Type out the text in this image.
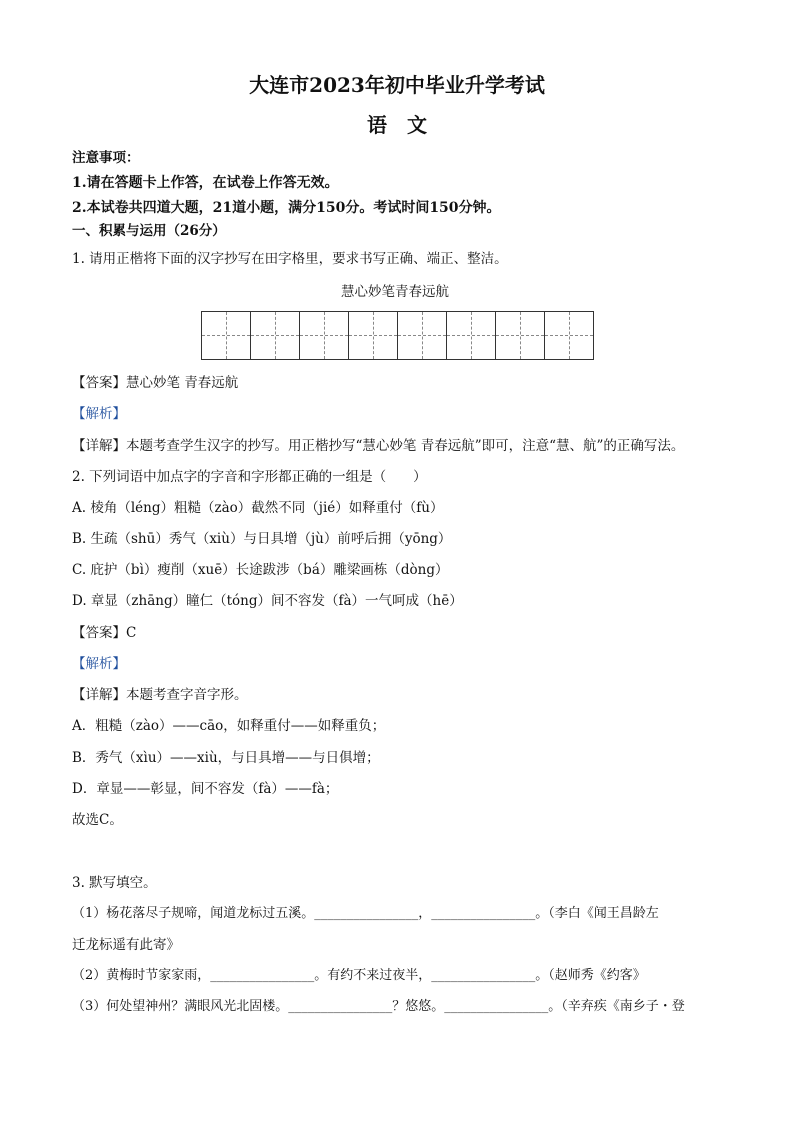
大连市2023年初中毕业升学考试
语　文
注意事项：
1.请在答题卡上作答，在试卷上作答无效。
2.本试卷共四道大题，21道小题，满分150分。考试时间150分钟。
一、积累与运用（26分）
1. 请用正楷将下面的汉字抄写在田字格里，要求书写正确、端正、整洁。
慧心妙笔青春远航
【答案】慧心妙笔 青春远航
【解析】
【详解】本题考查学生汉字的抄写。用正楷抄写“慧心妙笔 青春远航”即可，注意“慧、航”的正确写法。
2. 下列词语中加点字的字音和字形都正确的一组是（　　）
A. 棱角（léng）粗糙（zào）截然不同（jié）如释重付（fù）
B. 生疏（shū）秀气（xiù）与日具增（jù）前呼后拥（yōng）
C. 庇护（bì）瘦削（xuē）长途跋涉（bá）雕梁画栋（dòng）
D. 章显（zhāng）瞳仁（tóng）间不容发（fà）一气呵成（hē）
【答案】C
【解析】
【详解】本题考查字音字形。
A．粗糙（zào）——cāo，如释重付——如释重负；
B．秀气（xìu）——xiù，与日具增——与日俱增；
D．章显——彰显，间不容发（fà）——fà；
故选C。
3. 默写填空。
（1）杨花落尽子规啼，闻道龙标过五溪。________________，________________。（李白《闻王昌龄左
迁龙标遥有此寄》
（2）黄梅时节家家雨，________________。有约不来过夜半，________________。（赵师秀《约客》
（3）何处望神州？满眼风光北固楼。________________？悠悠。________________。（辛弃疾《南乡子・登
